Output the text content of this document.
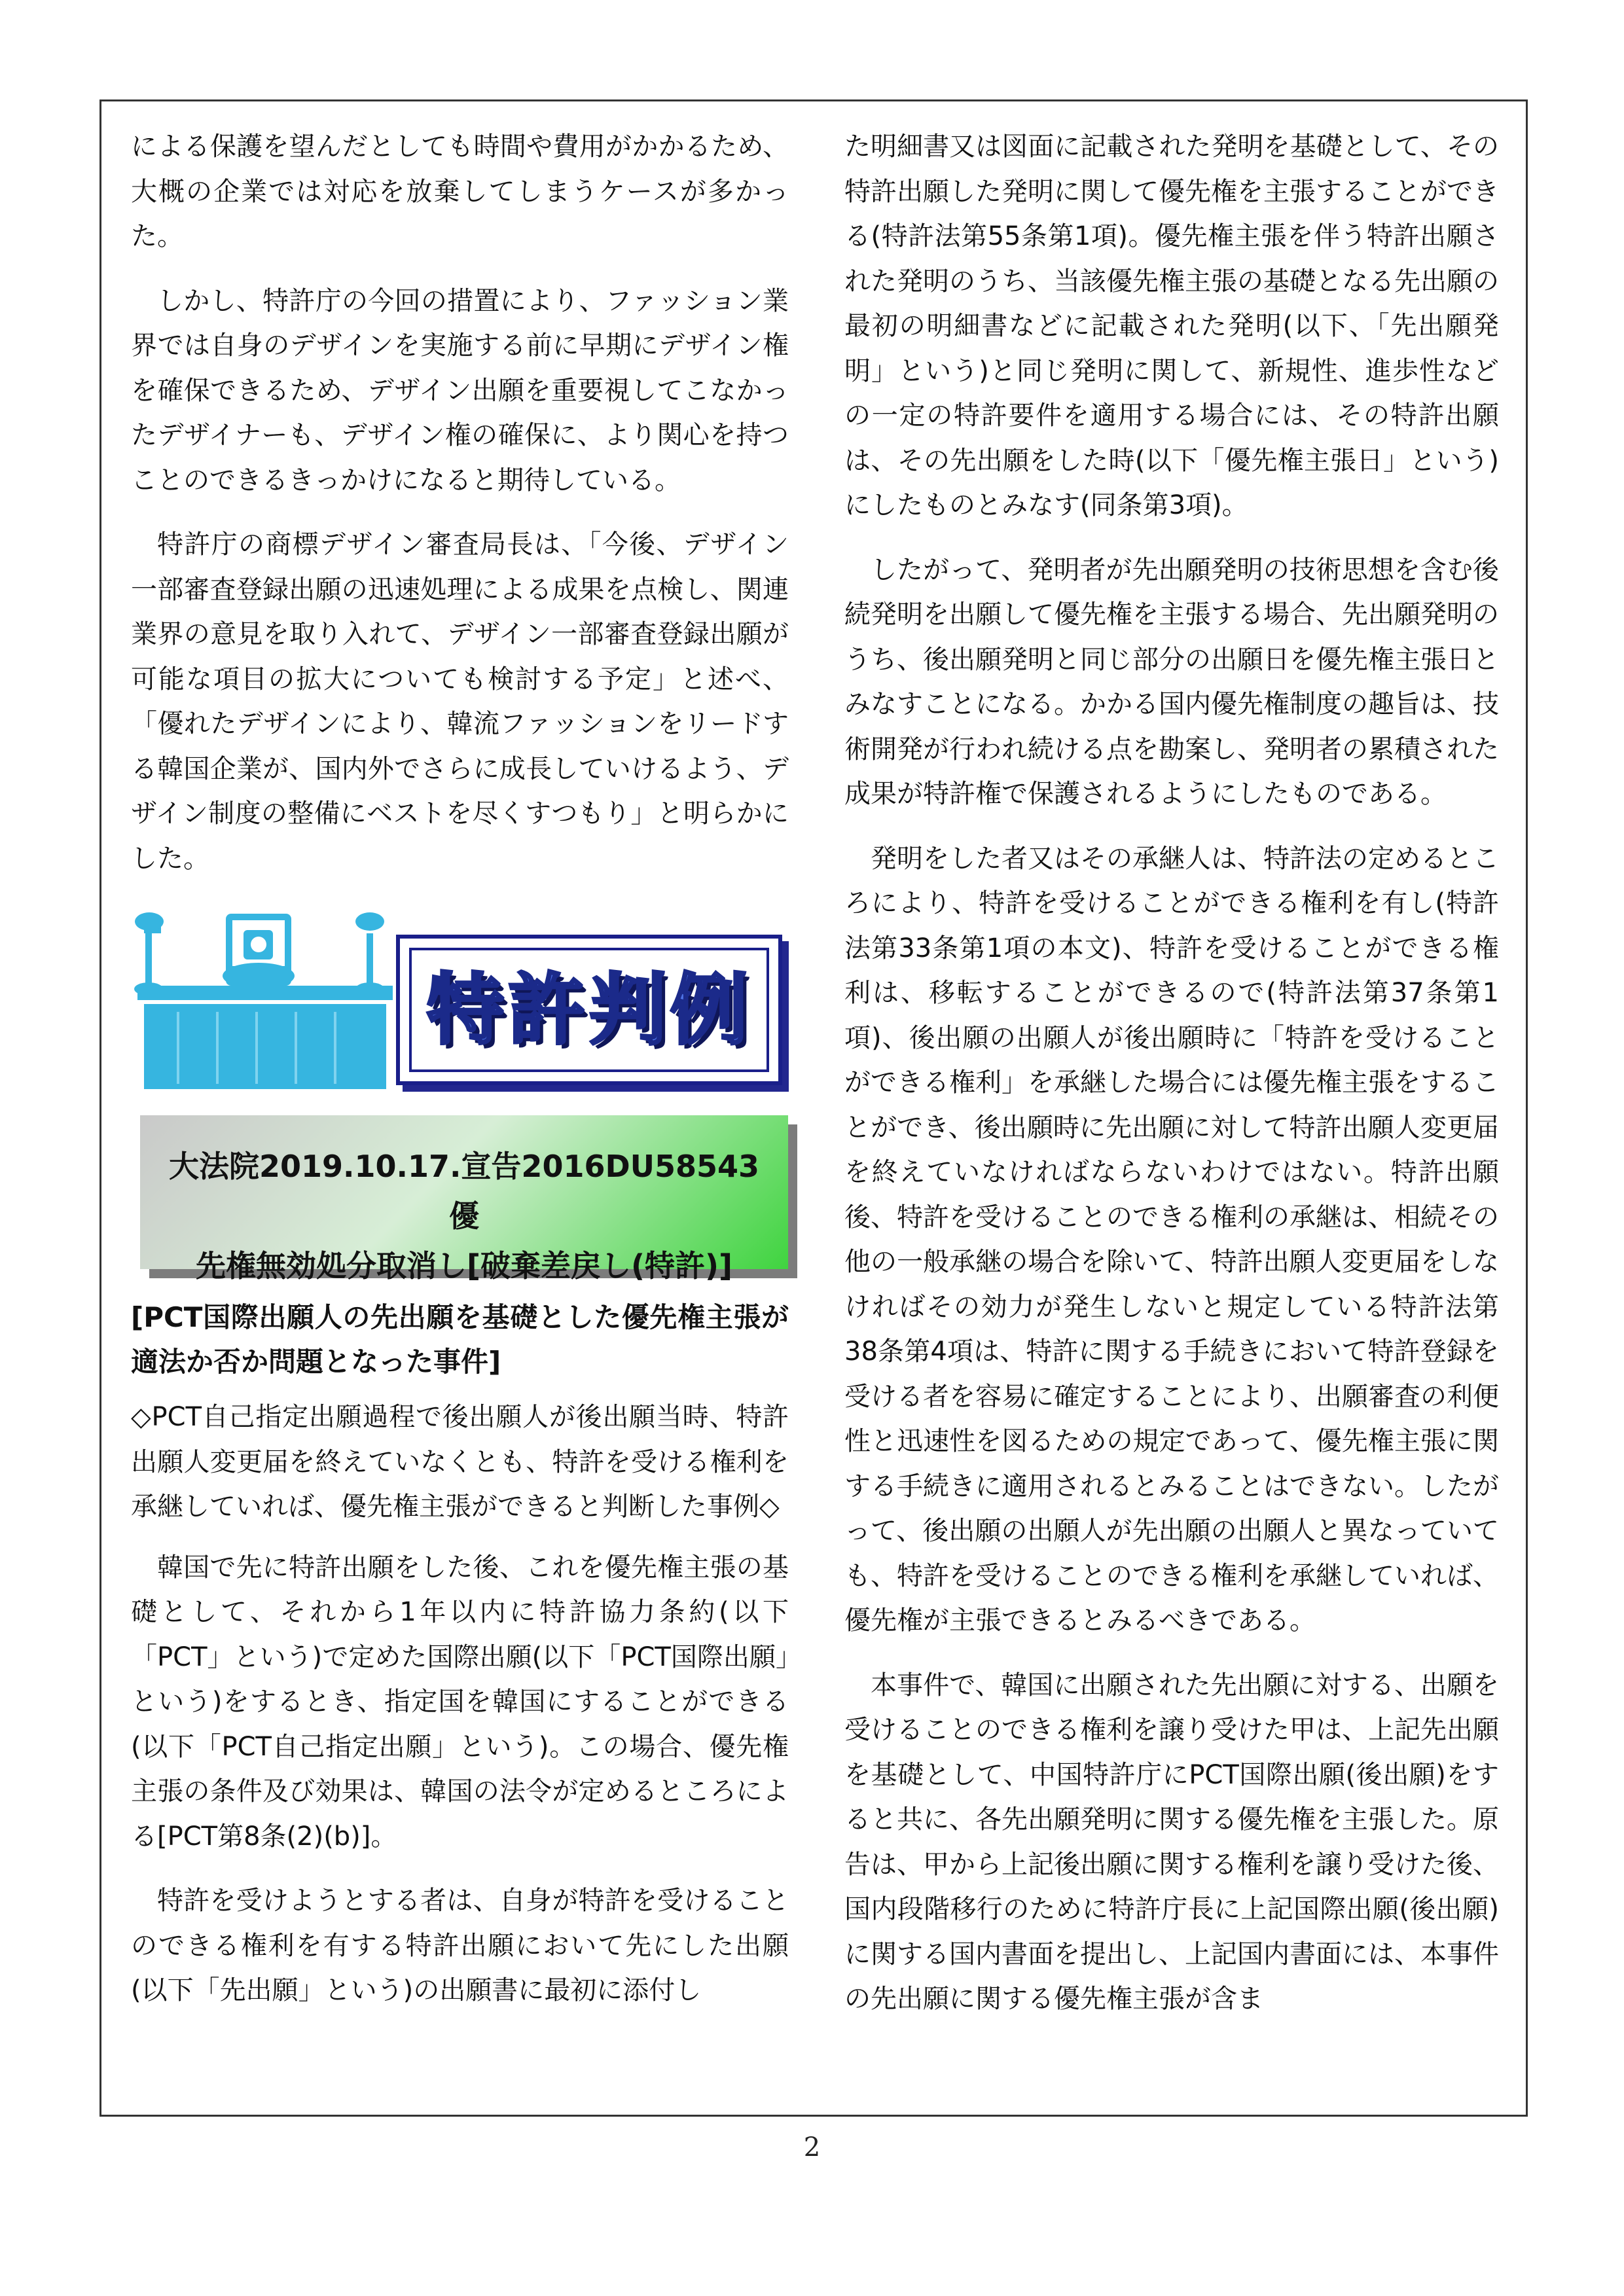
による保護を望んだとしても時間や費用がかかるため、大概の企業では対応を放棄してしまうケースが多かった。

しかし、特許庁の今回の措置により、ファッション業界では自身のデザインを実施する前に早期にデザイン権を確保できるため、デザイン出願を重要視してこなかったデザイナーも、デザイン権の確保に、より関心を持つことのできるきっかけになると期待している。

特許庁の商標デザイン審査局長は、「今後、デザイン一部審査登録出願の迅速処理による成果を点検し、関連業界の意見を取り入れて、デザイン一部審査登録出願が可能な項目の拡大についても検討する予定」と述べ、「優れたデザインにより、韓流ファッションをリードする韓国企業が、国内外でさらに成長していけるよう、デザイン制度の整備にベストを尽くすつもり」と明らかにした。

特許判例
大法院2019.10.17.宣告2016DU58543 優
先権無効処分取消し[破棄差戻し(特許)]

[PCT国際出願人の先出願を基礎とした優先権主張が適法か否か問題となった事件]

◇PCT自己指定出願過程で後出願人が後出願当時、特許出願人変更届を終えていなくとも、特許を受ける権利を承継していれば、優先権主張ができると判断した事例◇

韓国で先に特許出願をした後、これを優先権主張の基礎として、それから1年以内に特許協力条約(以下「PCT」という)で定めた国際出願(以下「PCT国際出願」という)をするとき、指定国を韓国にすることができる(以下「PCT自己指定出願」という)。この場合、優先権主張の条件及び効果は、韓国の法令が定めるところによる[PCT第8条(2)(b)]。

特許を受けようとする者は、自身が特許を受けることのできる権利を有する特許出願において先にした出願(以下「先出願」という)の出願書に最初に添付し

た明細書又は図面に記載された発明を基礎として、その特許出願した発明に関して優先権を主張することができる(特許法第55条第1項)。優先権主張を伴う特許出願された発明のうち、当該優先権主張の基礎となる先出願の最初の明細書などに記載された発明(以下、「先出願発明」という)と同じ発明に関して、新規性、進歩性などの一定の特許要件を適用する場合には、その特許出願は、その先出願をした時(以下「優先権主張日」という)にしたものとみなす(同条第3項)。

したがって、発明者が先出願発明の技術思想を含む後続発明を出願して優先権を主張する場合、先出願発明のうち、後出願発明と同じ部分の出願日を優先権主張日とみなすことになる。かかる国内優先権制度の趣旨は、技術開発が行われ続ける点を勘案し、発明者の累積された成果が特許権で保護されるようにしたものである。

発明をした者又はその承継人は、特許法の定めるところにより、特許を受けることができる権利を有し(特許法第33条第1項の本文)、特許を受けることができる権利は、移転することができるので(特許法第37条第1項)、後出願の出願人が後出願時に「特許を受けることができる権利」を承継した場合には優先権主張をすることができ、後出願時に先出願に対して特許出願人変更届を終えていなければならないわけではない。特許出願後、特許を受けることのできる権利の承継は、相続その他の一般承継の場合を除いて、特許出願人変更届をしなければその効力が発生しないと規定している特許法第38条第4項は、特許に関する手続きにおいて特許登録を受ける者を容易に確定することにより、出願審査の利便性と迅速性を図るための規定であって、優先権主張に関する手続きに適用されるとみることはできない。したがって、後出願の出願人が先出願の出願人と異なっていても、特許を受けることのできる権利を承継していれば、優先権が主張できるとみるべきである。

本事件で、韓国に出願された先出願に対する、出願を受けることのできる権利を譲り受けた甲は、上記先出願を基礎として、中国特許庁にPCT国際出願(後出願)をすると共に、各先出願発明に関する優先権を主張した。原告は、甲から上記後出願に関する権利を譲り受けた後、国内段階移行のために特許庁長に上記国際出願(後出願)に関する国内書面を提出し、上記国内書面には、本事件の先出願に関する優先権主張が含ま

2
